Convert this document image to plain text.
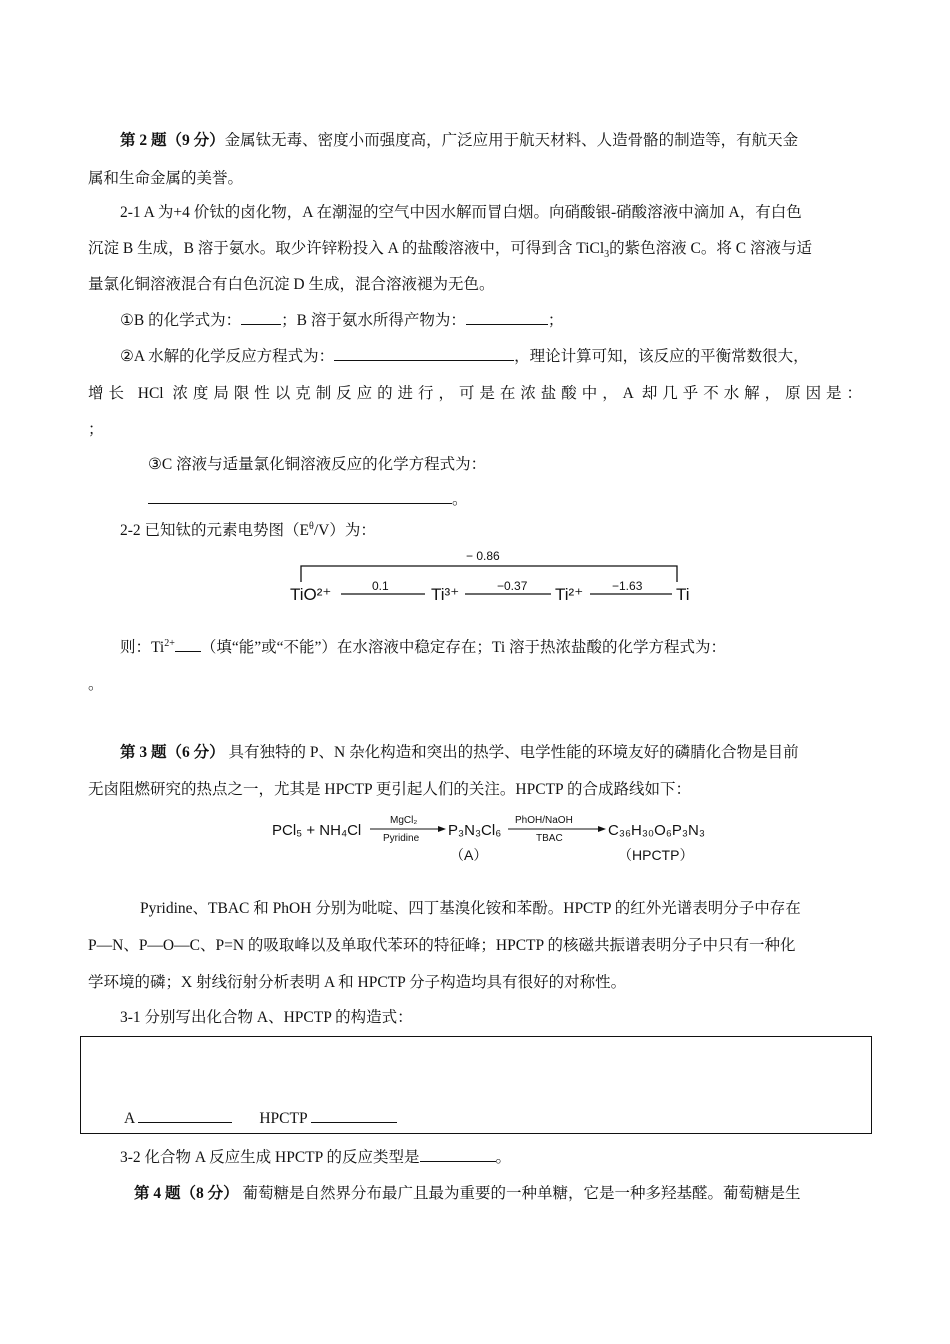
第 2 题（9 分）金属钛无毒、密度小而强度高，广泛应用于航天材料、人造骨骼的制造等，有航天金
属和生命金属的美誉。
2-1 A 为+4 价钛的卤化物，A 在潮湿的空气中因水解而冒白烟。向硝酸银-硝酸溶液中滴加 A，有白色
沉淀 B 生成，B 溶于氨水。取少许锌粉投入 A 的盐酸溶液中，可得到含 TiCl$_3$的紫色溶液 C。将 C 溶液与适
量氯化铜溶液混合有白色沉淀 D 生成，混合溶液褪为无色。
①B 的化学式为：	；B 溶于氨水所得产物为：	；
②A 水解的化学反应方程式为：	，理论计算可知，该反应的平衡常数很大，
增长 HCl 浓度局限性以克制反应的进行，可是在浓盐酸中，A 却几乎不水解，原因是：
；
③C 溶液与适量氯化铜溶液反应的化学方程式为：
。
2-2 已知钛的元素电势图$(E^\theta/V)$为：
− 0.86
TiO²⁺	0.1 Ti³⁺	−0.37 Ti²⁺ −1.63 Ti
则：$Ti^{2+}$ （填“能”或“不能”）在水溶液中稳定存在；Ti 溶于热浓盐酸的化学方程式为：
。
第 3 题（6 分） 具有独特的 P、N 杂化构造和突出的热学、电学性能的环境友好的磷腈化合物是目前
无卤阻燃研究的热点之一，尤其是 HPCTP 更引起人们的关注。HPCTP 的合成路线如下：
PCl₅ + NH₄Cl
MgCl₂
Pyridine P₃N₃Cl₆
（A）
PhOH/NaOH
TBAC	C₃₆H₃₀O₆P₃N₃
（HPCTP）
Pyridine、TBAC 和 PhOH 分别为吡啶、四丁基溴化铵和苯酚。HPCTP 的红外光谱表明分子中存在
P—N、P—O—C、P=N 的吸取峰以及单取代苯环的特征峰；HPCTP 的核磁共振谱表明分子中只有一种化
学环境的磷；X 射线衍射分析表明 A 和 HPCTP 分子构造均具有很好的对称性。
3-1 分别写出化合物 A、HPCTP 的构造式：
A	HPCTP
3-2 化合物 A 反应生成 HPCTP 的反应类型是	。
第 4 题（8 分） 葡萄糖是自然界分布最广且最为重要的一种单糖，它是一种多羟基醛。葡萄糖是生
